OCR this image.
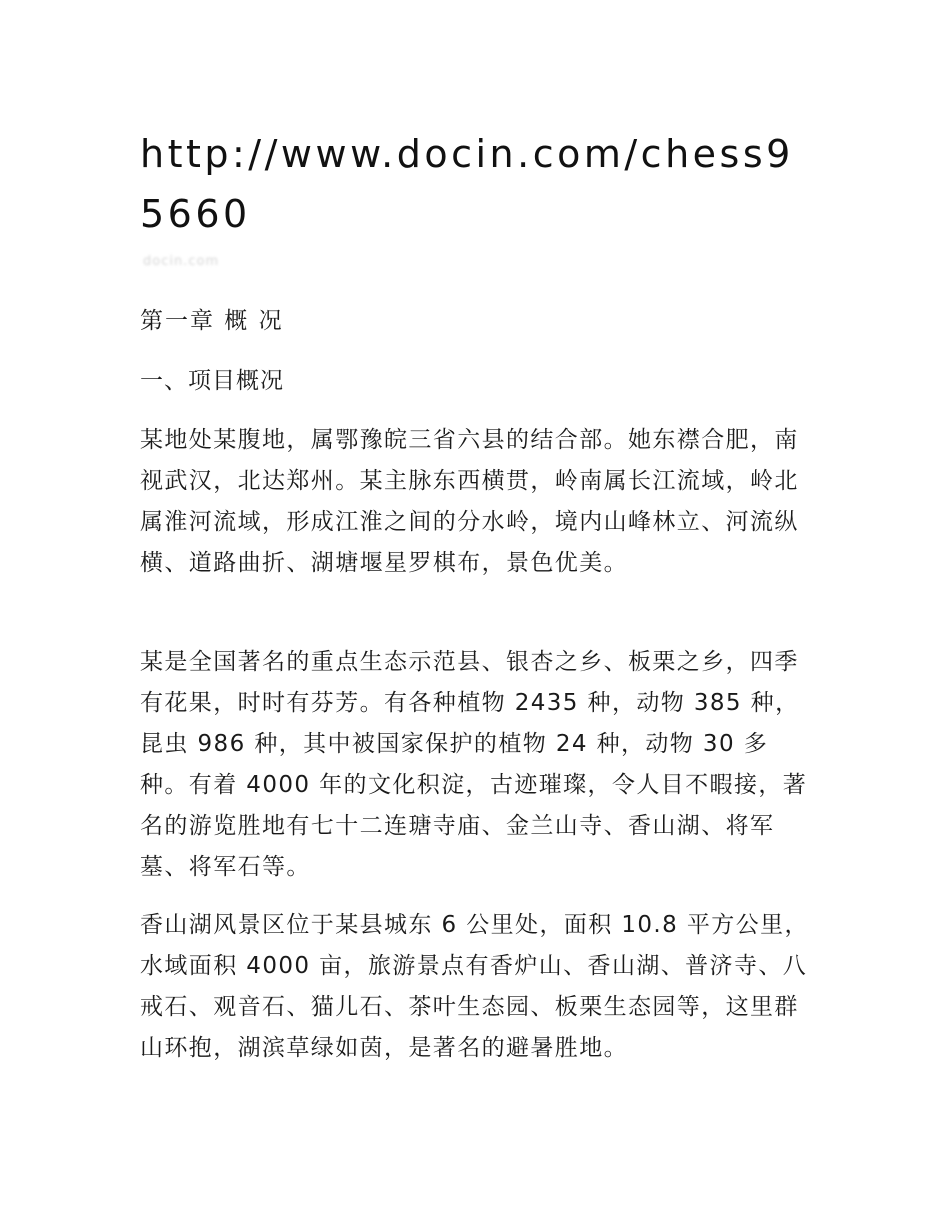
http://www.docin.com/chess95660
docin.com
第一章 概 况
一、项目概况

某地处某腹地，属鄂豫皖三省六县的结合部。她东襟合肥，南视武汉，北达郑州。某主脉东西横贯，岭南属长江流域，岭北属淮河流域，形成江淮之间的分水岭，境内山峰林立、河流纵横、道路曲折、湖塘堰星罗棋布，景色优美。

某是全国著名的重点生态示范县、银杏之乡、板栗之乡，四季有花果，时时有芬芳。有各种植物 2435 种，动物 385 种，昆虫 986 种，其中被国家保护的植物 24 种，动物 30 多种。有着 4000 年的文化积淀，古迹璀璨，令人目不暇接，著名的游览胜地有七十二连瑭寺庙、金兰山寺、香山湖、将军墓、将军石等。

香山湖风景区位于某县城东 6 公里处，面积 10.8 平方公里，水域面积 4000 亩，旅游景点有香炉山、香山湖、普济寺、八戒石、观音石、猫儿石、茶叶生态园、板栗生态园等，这里群山环抱，湖滨草绿如茵，是著名的避暑胜地。
